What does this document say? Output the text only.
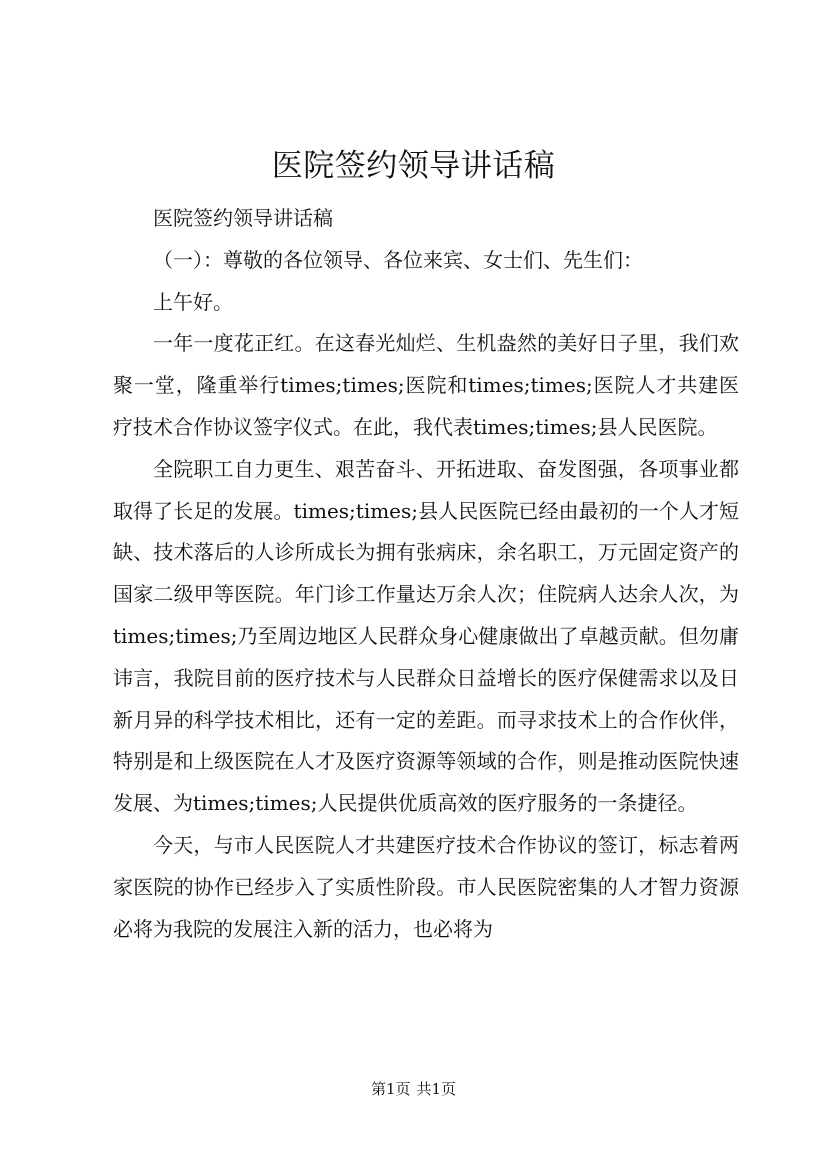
医院签约领导讲话稿

医院签约领导讲话稿

（一）：尊敬的各位领导、各位来宾、女士们、先生们：

上午好。

一年一度花正红。在这春光灿烂、生机盎然的美好日子里，我们欢聚一堂，隆重举行times;times;医院和times;times;医院人才共建医疗技术合作协议签字仪式。在此，我代表times;times;县人民医院。

全院职工自力更生、艰苦奋斗、开拓进取、奋发图强，各项事业都取得了长足的发展。times;times;县人民医院已经由最初的一个人才短缺、技术落后的人诊所成长为拥有张病床，余名职工，万元固定资产的国家二级甲等医院。年门诊工作量达万余人次；住院病人达余人次，为times;times;乃至周边地区人民群众身心健康做出了卓越贡献。但勿庸讳言，我院目前的医疗技术与人民群众日益增长的医疗保健需求以及日新月异的科学技术相比，还有一定的差距。而寻求技术上的合作伙伴，特别是和上级医院在人才及医疗资源等领域的合作，则是推动医院快速发展、为times;times;人民提供优质高效的医疗服务的一条捷径。

今天，与市人民医院人才共建医疗技术合作协议的签订，标志着两家医院的协作已经步入了实质性阶段。市人民医院密集的人才智力资源必将为我院的发展注入新的活力，也必将为

第1页 共1页
